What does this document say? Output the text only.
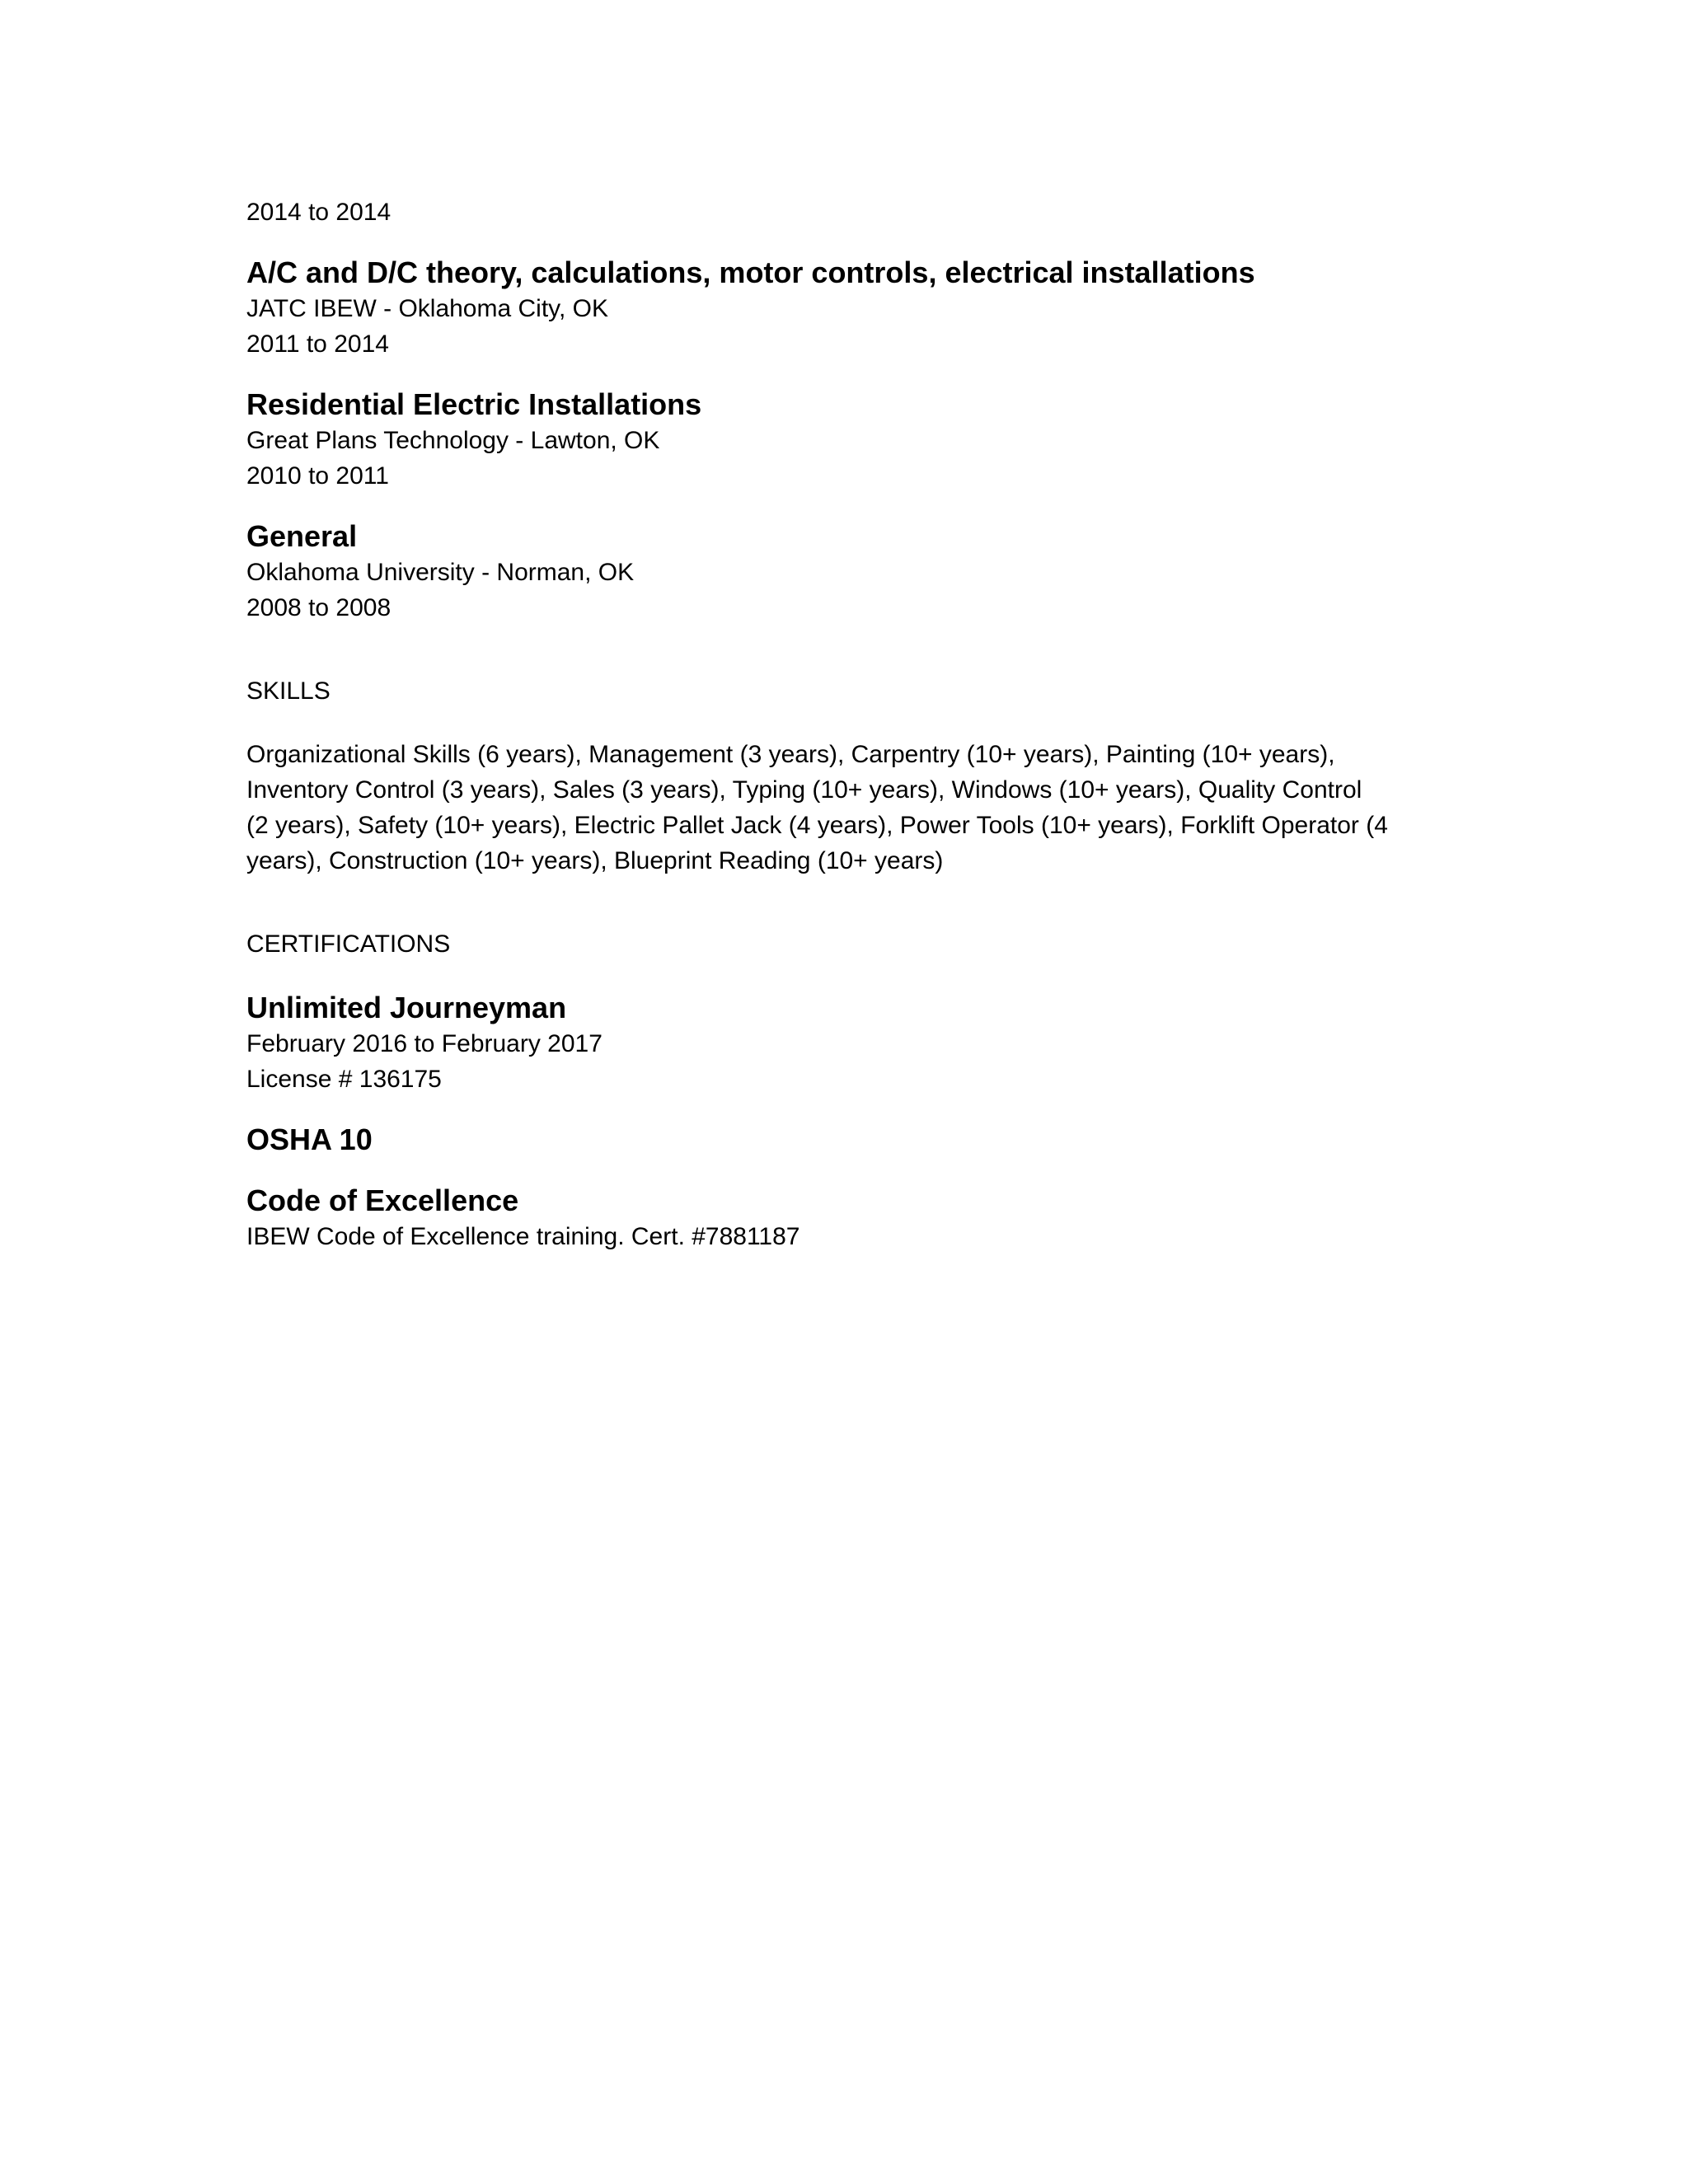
2014 to 2014
A/C and D/C theory, calculations, motor controls, electrical installations
JATC IBEW - Oklahoma City, OK
2011 to 2014
Residential Electric Installations
Great Plans Technology - Lawton, OK
2010 to 2011
General
Oklahoma University - Norman, OK
2008 to 2008
SKILLS
Organizational Skills (6 years), Management (3 years), Carpentry (10+ years), Painting (10+ years),
Inventory Control (3 years), Sales (3 years), Typing (10+ years), Windows (10+ years), Quality Control
(2 years), Safety (10+ years), Electric Pallet Jack (4 years), Power Tools (10+ years), Forklift Operator (4
years), Construction (10+ years), Blueprint Reading (10+ years)
CERTIFICATIONS
Unlimited Journeyman
February 2016 to February 2017
License # 136175
OSHA 10
Code of Excellence
IBEW Code of Excellence training. Cert. #7881187
